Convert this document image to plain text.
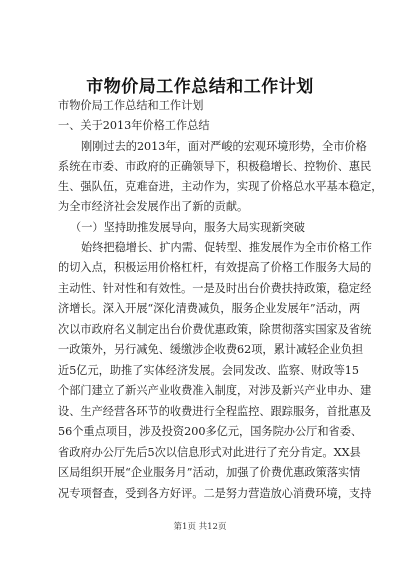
市物价局工作总结和工作计划
市物价局工作总结和工作计划
一、关于2013年价格工作总结
刚刚过去的2013年，面对严峻的宏观环境形势，全市价格
系统在市委、市政府的正确领导下，积极稳增长、控物价、惠民
生、强队伍，克难奋进，主动作为，实现了价格总水平基本稳定，
为全市经济社会发展作出了新的贡献。
（一）坚持助推发展导向，服务大局实现新突破
始终把稳增长、扩内需、促转型、推发展作为全市价格工作
的切入点，积极运用价格杠杆，有效提高了价格工作服务大局的
主动性、针对性和有效性。一是及时出台价费扶持政策，稳定经
济增长。深入开展“深化清费减负，服务企业发展年”活动，两
次以市政府名义制定出台价费优惠政策，除贯彻落实国家及省统
一政策外，另行减免、缓缴涉企收费62项，累计减轻企业负担
近5亿元，助推了实体经济发展。会同发改、监察、财政等15
个部门建立了新兴产业收费准入制度，对涉及新兴产业申办、建
设、生产经营各环节的收费进行全程监控、跟踪服务，首批惠及
56个重点项目，涉及投资200多亿元，国务院办公厅和省委、
省政府办公厅先后5次以信息形式对此进行了充分肯定。XX县
区局组织开展“企业服务月”活动，加强了价费优惠政策落实情
况专项督查，受到各方好评。二是努力营造放心消费环境，支持
第1页 共12页
